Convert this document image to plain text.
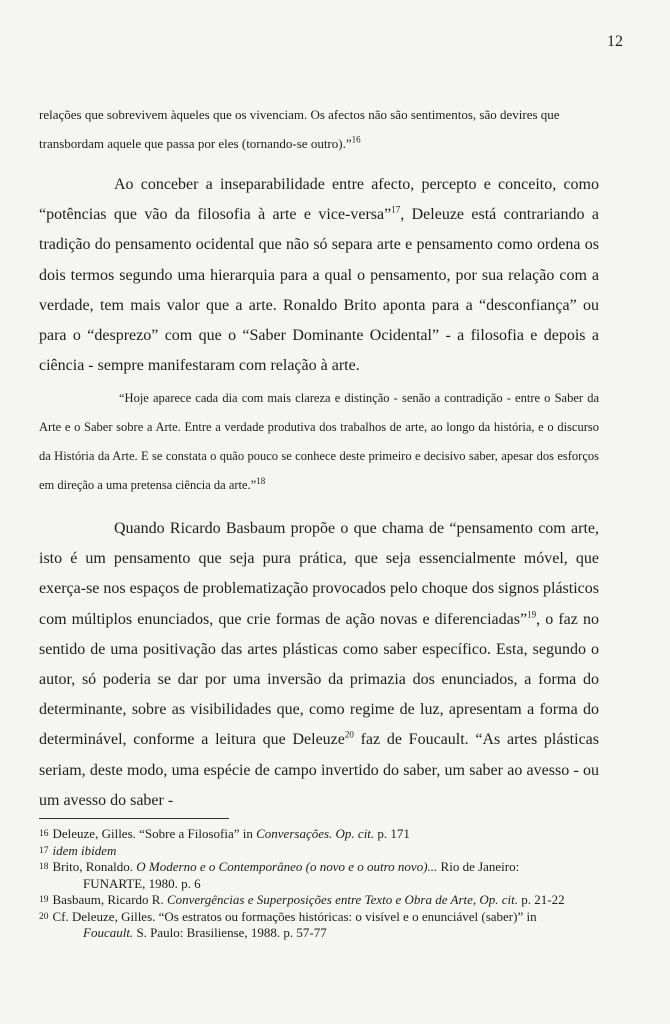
12
relações que sobrevivem àqueles que os vivenciam. Os afectos não são sentimentos, são devires que transbordam aquele que passa por eles (tornando-se outro).”$^{16}$
Ao conceber a inseparabilidade entre afecto, percepto e conceito, como “potências que vão da filosofia à arte e vice-versa”$^{17}$, Deleuze está contrariando a tradição do pensamento ocidental que não só separa arte e pensamento como ordena os dois termos segundo uma hierarquia para a qual o pensamento, por sua relação com a verdade, tem mais valor que a arte. Ronaldo Brito aponta para a “desconfiança” ou para o “desprezo” com que o “Saber Dominante Ocidental” - a filosofia e depois a ciência - sempre manifestaram com relação à arte.
“Hoje aparece cada dia com mais clareza e distinção - senão a contradição - entre o Saber da Arte e o Saber sobre a Arte. Entre a verdade produtiva dos trabalhos de arte, ao longo da história, e o discurso da História da Arte. E se constata o quão pouco se conhece deste primeiro e decisivo saber, apesar dos esforços em direção a uma pretensa ciência da arte.”$^{18}$
Quando Ricardo Basbaum propõe o que chama de “pensamento com arte, isto é um pensamento que seja pura prática, que seja essencialmente móvel, que exerça-se nos espaços de problematização provocados pelo choque dos signos plásticos com múltiplos enunciados, que crie formas de ação novas e diferenciadas”$^{19}$, o faz no sentido de uma positivação das artes plásticas como saber específico. Esta, segundo o autor, só poderia se dar por uma inversão da primazia dos enunciados, a forma do determinante, sobre as visibilidades que, como regime de luz, apresentam a forma do determinável, conforme a leitura que Deleuze$^{20}$ faz de Foucault. “As artes plásticas seriam, deste modo, uma espécie de campo invertido do saber, um saber ao avesso - ou um avesso do saber -
16 Deleuze, Gilles. “Sobre a Filosofia” in Conversações. Op. cit. p. 171
17 idem ibidem
18 Brito, Ronaldo. O Moderno e o Contemporâneo (o novo e o outro novo)... Rio de Janeiro:
FUNARTE, 1980. p. 6
19 Basbaum, Ricardo R. Convergências e Superposições entre Texto e Obra de Arte, Op. cit. p. 21-22
20 Cf. Deleuze, Gilles. “Os estratos ou formações históricas: o visível e o enunciável (saber)” in
Foucault. S. Paulo: Brasiliense, 1988. p. 57-77
